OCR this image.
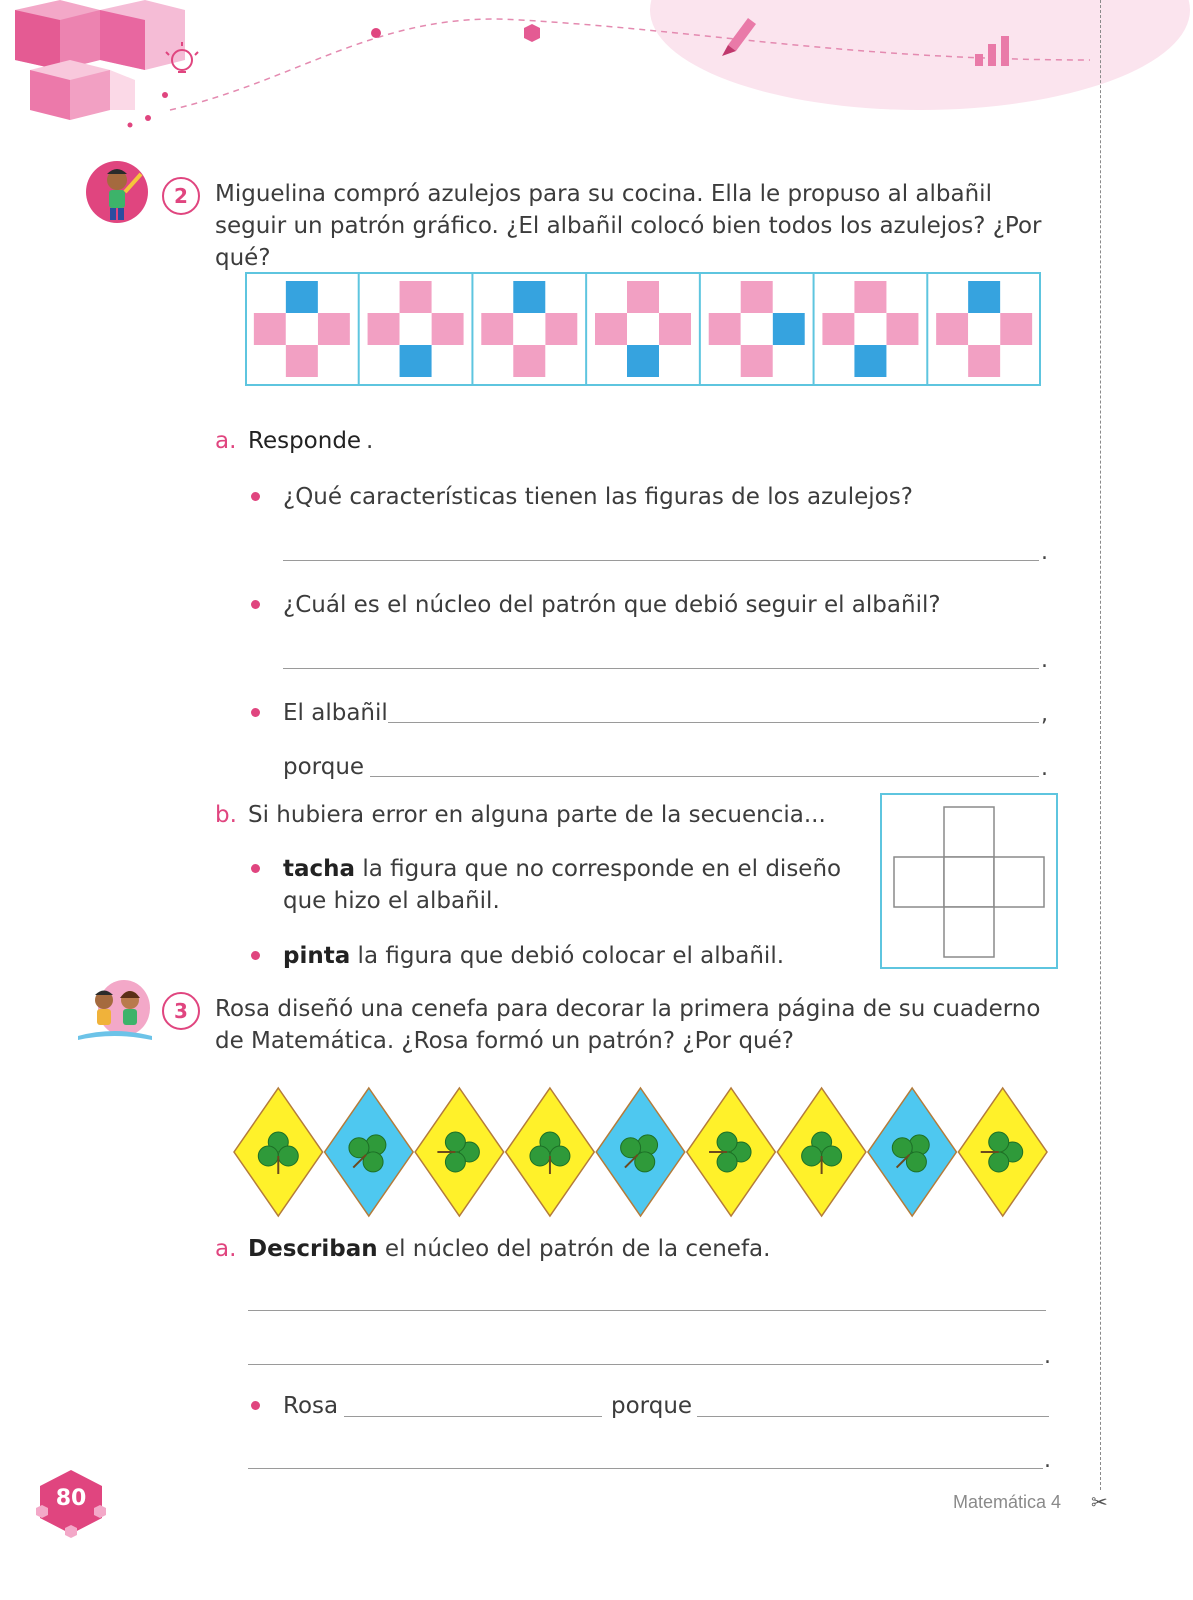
2	Miguelina compró azulejos para su cocina. Ella le propuso al albañil seguir un patrón gráfico. ¿El albañil colocó bien todos los azulejos? ¿Por qué?
a. Responde .
¿Qué características tienen las figuras de los azulejos?
.
¿Cuál es el núcleo del patrón que debió seguir el albañil?
.
El albañil	,
porque	.
b. Si hubiera error en alguna parte de la secuencia...
tacha la figura que no corresponde en el diseño que hizo el albañil.
pinta la figura que debió colocar el albañil.
3	Rosa diseñó una cenefa para decorar la primera página de su cuaderno de Matemática. ¿Rosa formó un patrón? ¿Por qué?
a. Describan el núcleo del patrón de la cenefa.
.
Rosa	porque
.
80	Matemática 4 ✂
